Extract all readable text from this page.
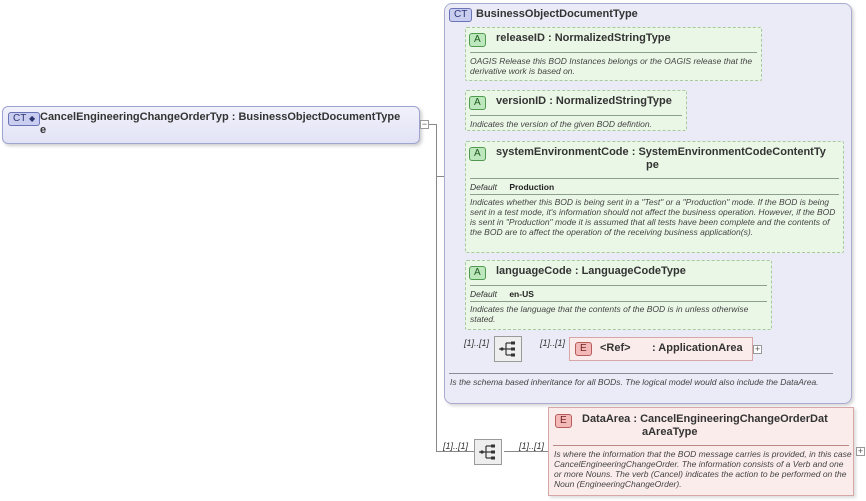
CT ◆ CancelEngineeringChangeOrderTyp : BusinessObjectDocumentType
e	−
CT BusinessObjectDocumentType
Is the schema based inheritance for all BODs. The logical model would also include the DataArea.
A	releaseID : NormalizedStringType
OAGIS Release this BOD Instances belongs or the OAGIS release that the derivative work is based on.
A	versionID : NormalizedStringType
Indicates the version of the given BOD defintion.
A	systemEnvironmentCode : SystemEnvironmentCodeContentTy
pe
Default Production
Indicates whether this BOD is being sent in a "Test" or a "Production" mode. If the BOD is being sent in a test mode, it's information should not affect the business operation. However, if the BOD is sent in "Production" mode it is assumed that all tests have been complete and the contents of the BOD are to affect the operation of the receiving business application(s).
A	languageCode : LanguageCodeType
Default en-US
Indicates the language that the contents of the BOD is in unless otherwise stated.
[1]..[1]	[1]..[1]	E	<Ref> : ApplicationArea +
[1]..[1]	[1]..[1]
E	DataArea : CancelEngineeringChangeOrderDat
aAreaType
Is where the information that the BOD message carries is provided, in this case CancelEngineeringChangeOrder. The information consists of a Verb and one or more Nouns. The verb (Cancel) indicates the action to be performed on the Noun (EngineeringChangeOrder).
+
